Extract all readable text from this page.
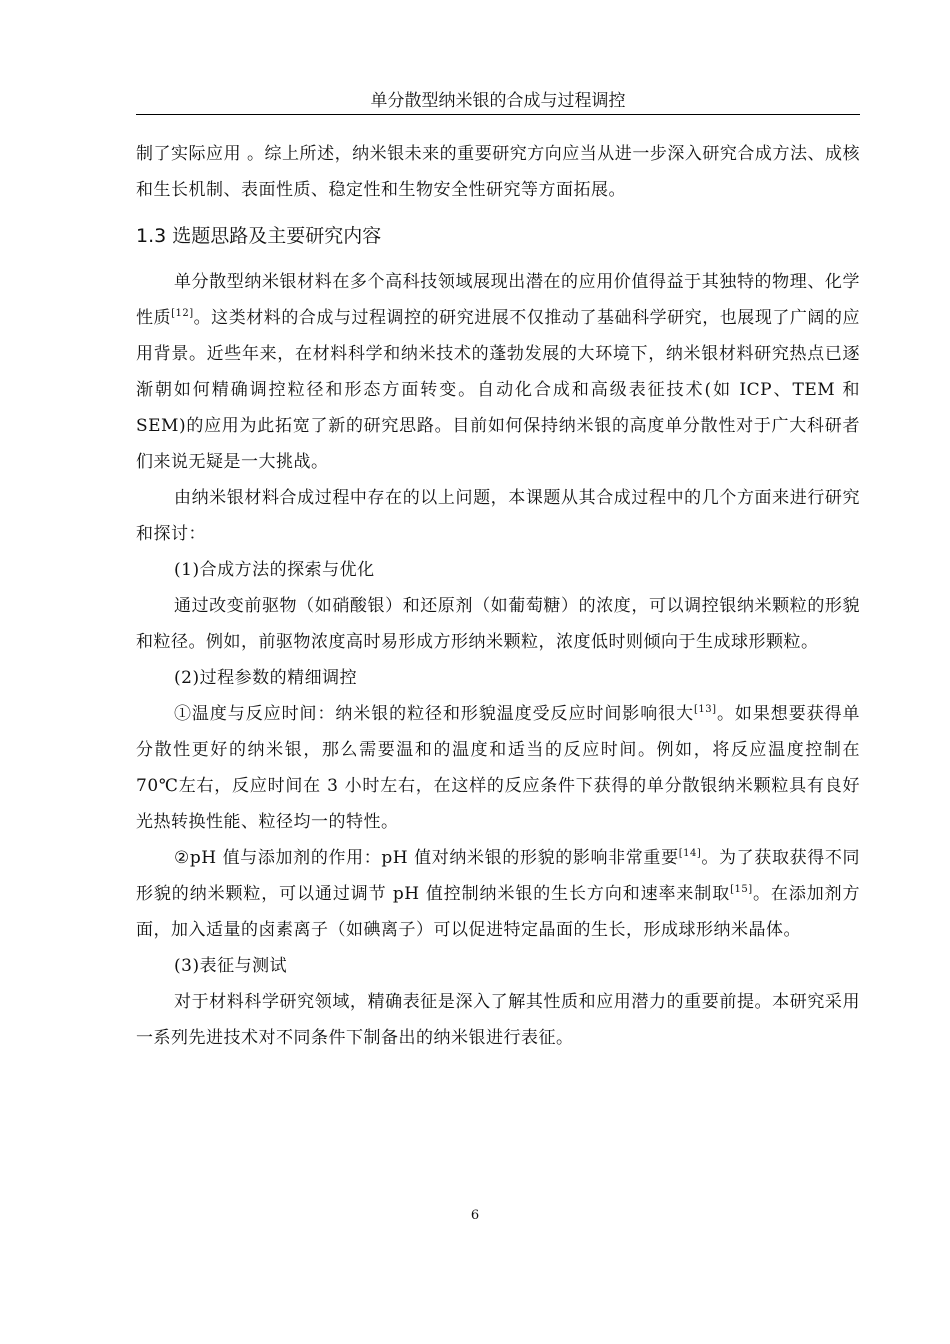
单分散型纳米银的合成与过程调控

制了实际应用 。综上所述，纳米银未来的重要研究方向应当从进一步深入研究合成方法、成核和生长机制、表面性质、稳定性和生物安全性研究等方面拓展。

1.3 选题思路及主要研究内容

单分散型纳米银材料在多个高科技领域展现出潜在的应用价值得益于其独特的物理、化学性质[12]。这类材料的合成与过程调控的研究进展不仅推动了基础科学研究，也展现了广阔的应用背景。近些年来，在材料科学和纳米技术的蓬勃发展的大环境下，纳米银材料研究热点已逐渐朝如何精确调控粒径和形态方面转变。自动化合成和高级表征技术(如 ICP、TEM 和 SEM)的应用为此拓宽了新的研究思路。目前如何保持纳米银的高度单分散性对于广大科研者们来说无疑是一大挑战。

由纳米银材料合成过程中存在的以上问题，本课题从其合成过程中的几个方面来进行研究和探讨：

(1)合成方法的探索与优化

通过改变前驱物（如硝酸银）和还原剂（如葡萄糖）的浓度，可以调控银纳米颗粒的形貌和粒径。例如，前驱物浓度高时易形成方形纳米颗粒，浓度低时则倾向于生成球形颗粒。

(2)过程参数的精细调控

①温度与反应时间：纳米银的粒径和形貌温度受反应时间影响很大[13]。如果想要获得单分散性更好的纳米银，那么需要温和的温度和适当的反应时间。例如，将反应温度控制在 70℃左右，反应时间在 3 小时左右，在这样的反应条件下获得的单分散银纳米颗粒具有良好光热转换性能、粒径均一的特性。

②pH 值与添加剂的作用：pH 值对纳米银的形貌的影响非常重要[14]。为了获取获得不同形貌的纳米颗粒，可以通过调节 pH 值控制纳米银的生长方向和速率来制取[15]。在添加剂方面，加入适量的卤素离子（如碘离子）可以促进特定晶面的生长，形成球形纳米晶体。

(3)表征与测试

对于材料科学研究领域，精确表征是深入了解其性质和应用潜力的重要前提。本研究采用一系列先进技术对不同条件下制备出的纳米银进行表征。

6
